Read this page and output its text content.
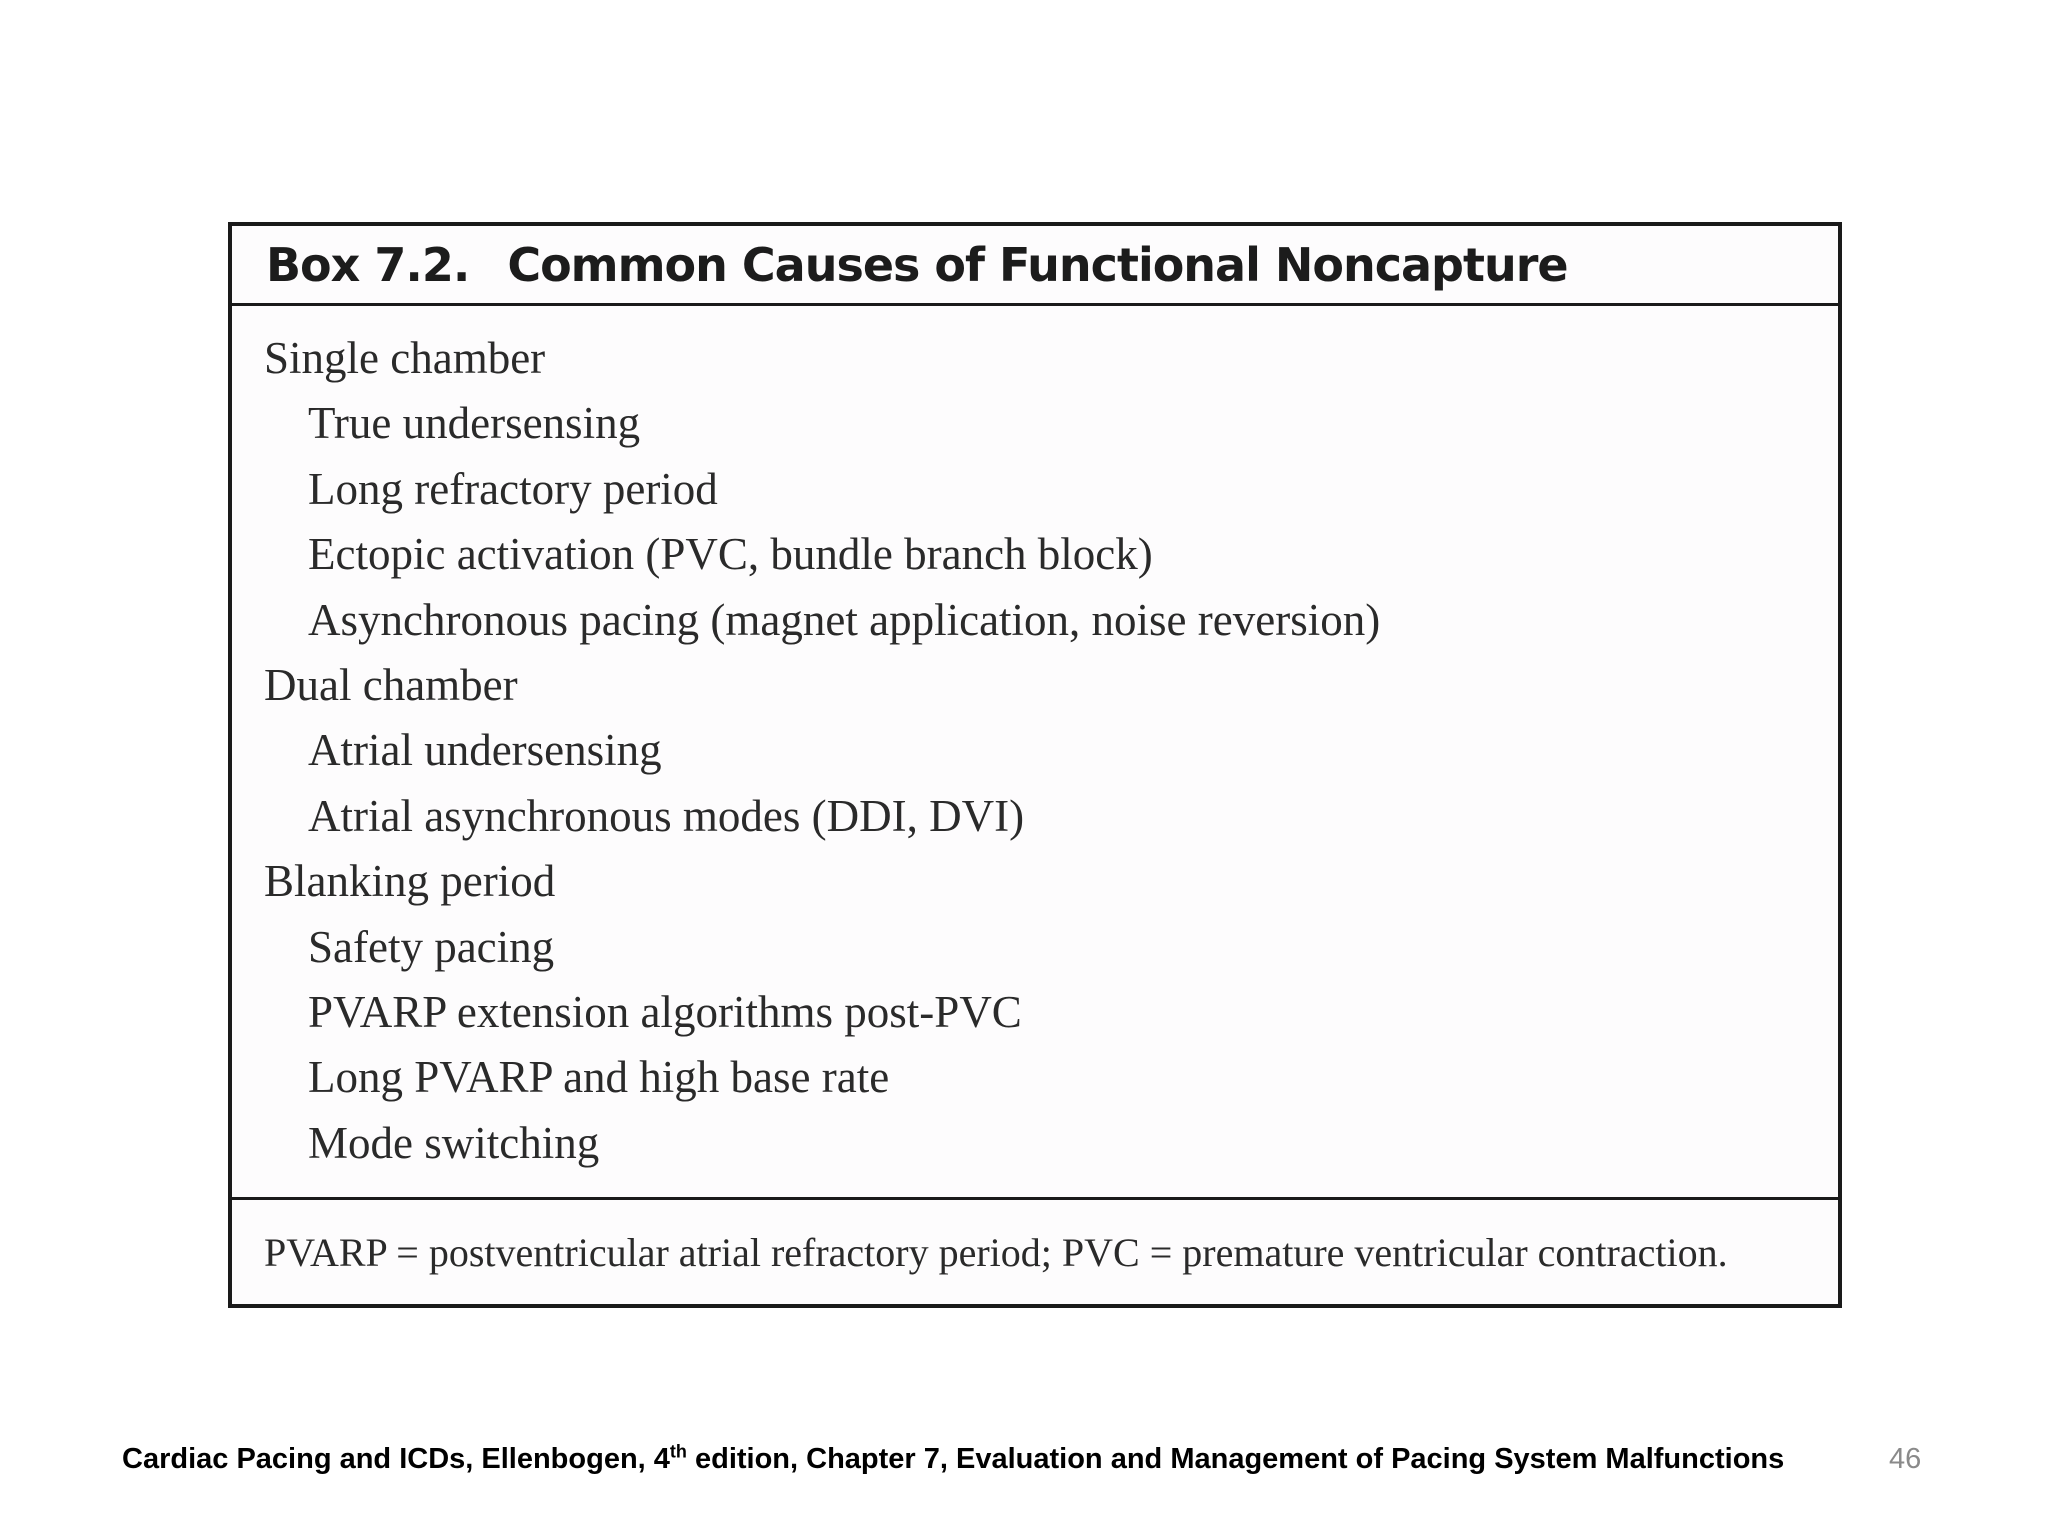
Box 7.2. Common Causes of Functional Noncapture
Single chamber
True undersensing
Long refractory period
Ectopic activation (PVC, bundle branch block)
Asynchronous pacing (magnet application, noise reversion)
Dual chamber
Atrial undersensing
Atrial asynchronous modes (DDI, DVI)
Blanking period
Safety pacing
PVARP extension algorithms post-PVC
Long PVARP and high base rate
Mode switching
PVARP = postventricular atrial refractory period; PVC = premature ventricular contraction.
Cardiac Pacing and ICDs, Ellenbogen, 4th edition, Chapter 7, Evaluation and Management of Pacing System Malfunctions	46
